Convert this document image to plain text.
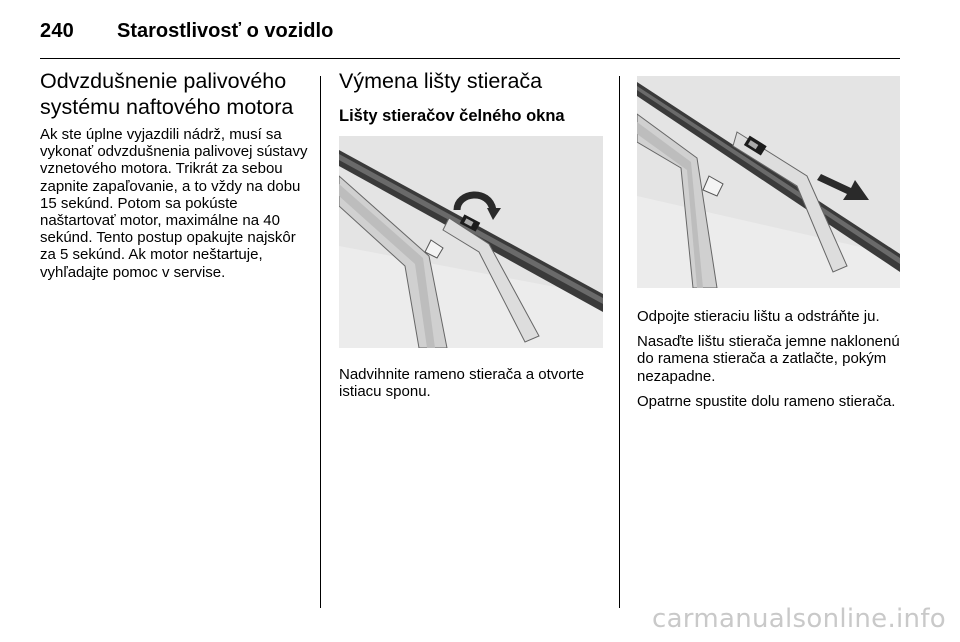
240 Starostlivosť o vozidlo
Odvzdušnenie palivového
systému naftového motora

Ak ste úplne vyjazdili nádrž, musí sa vykonať odvzdušnenia palivovej sústavy vznetového motora. Trikrát za sebou zapnite zapaľovanie, a to vždy na dobu 15 sekúnd. Potom sa pokúste naštartovať motor, maximálne na 40 sekúnd. Tento postup opakujte najskôr za 5 sekúnd. Ak motor neštartuje, vyhľadajte pomoc v servise.

Výmena lišty stierača
Lišty stieračov čelného okna

Nadvihnite rameno stierača a otvorte istiacu sponu.

Odpojte stieraciu lištu a odstráňte ju.

Nasaďte lištu stierača jemne naklonenú do ramena stierača a zatlačte, pokým nezapadne.

Opatrne spustite dolu rameno stierača.

carmanualsonline.info
